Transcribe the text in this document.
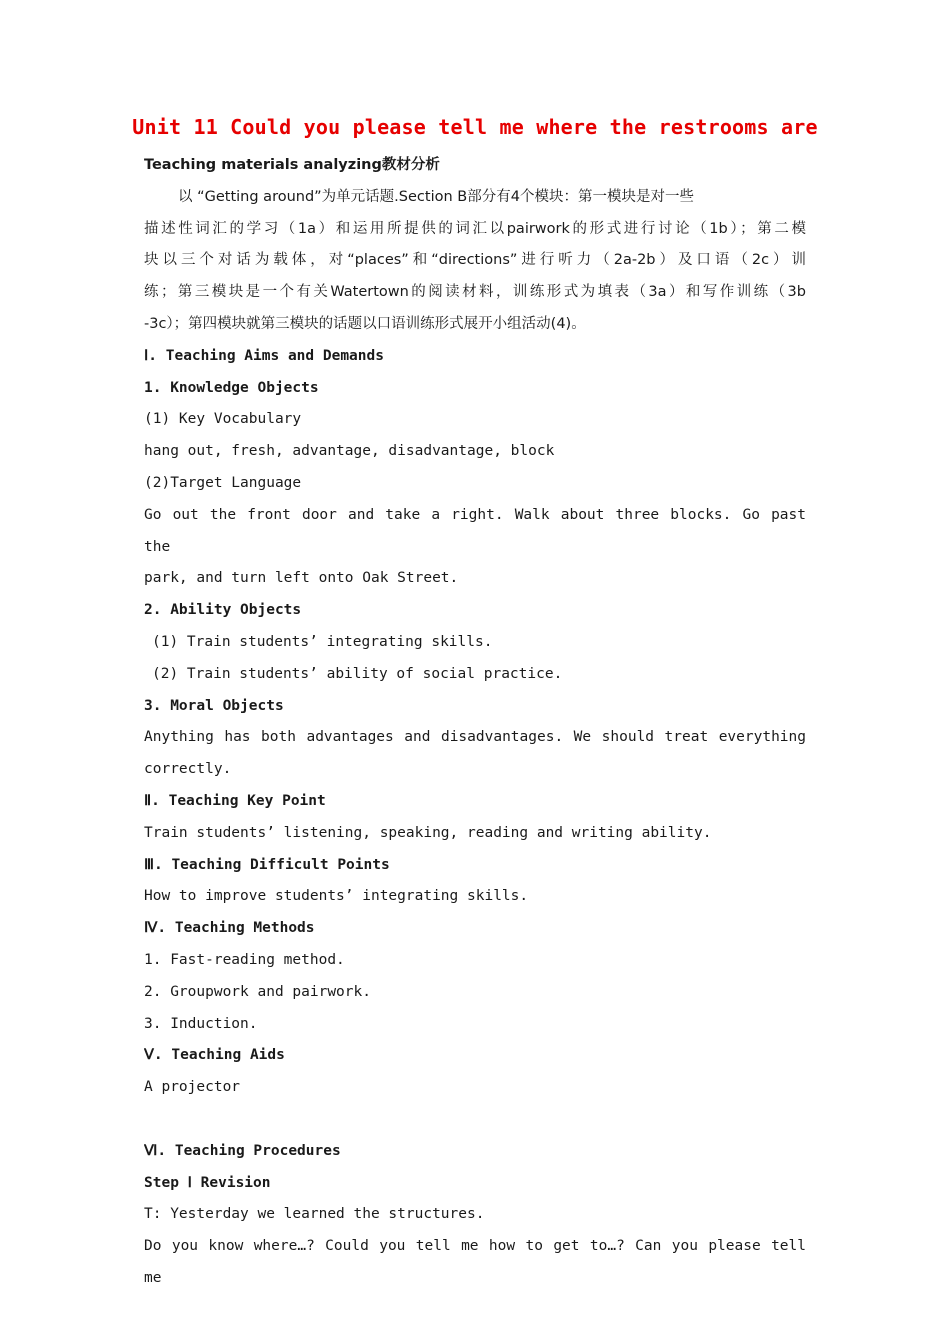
Unit 11 Could you please tell me where the restrooms are
Teaching materials analyzing教材分析
以 “Getting around”为单元话题.Section B部分有4个模块：第一模块是对一些
描述性词汇的学习（1a）和运用所提供的词汇以pairwork的形式进行讨论（1b）；第二模
块以三个对话为载体，对“places”和“directions”进行听力（2a-2b）及口语（2c）训
练；第三模块是一个有关Watertown的阅读材料，训练形式为填表（3a）和写作训练（3b
-3c）；第四模块就第三模块的话题以口语训练形式展开小组活动(4)。
Ⅰ. Teaching Aims and Demands
1. Knowledge Objects
(1) Key Vocabulary
hang out, fresh, advantage, disadvantage, block
(2)Target Language
Go out the front door and take a right. Walk about three blocks. Go past the
park, and turn left onto Oak Street.
2. Ability Objects
(1) Train students’ integrating skills.
(2) Train students’ ability of social practice.
3. Moral Objects
Anything has both advantages and disadvantages. We should treat everything
correctly.
Ⅱ. Teaching Key Point
Train students’ listening, speaking, reading and writing ability.
Ⅲ. Teaching Difficult Points
How to improve students’ integrating skills.
Ⅳ. Teaching Methods
1. Fast-reading method.
2. Groupwork and pairwork.
3. Induction.
Ⅴ. Teaching Aids
A projector
Ⅵ. Teaching Procedures
Step Ⅰ Revision
T: Yesterday we learned the structures.
Do you know where…? Could you tell me how to get to…? Can you please tell me
